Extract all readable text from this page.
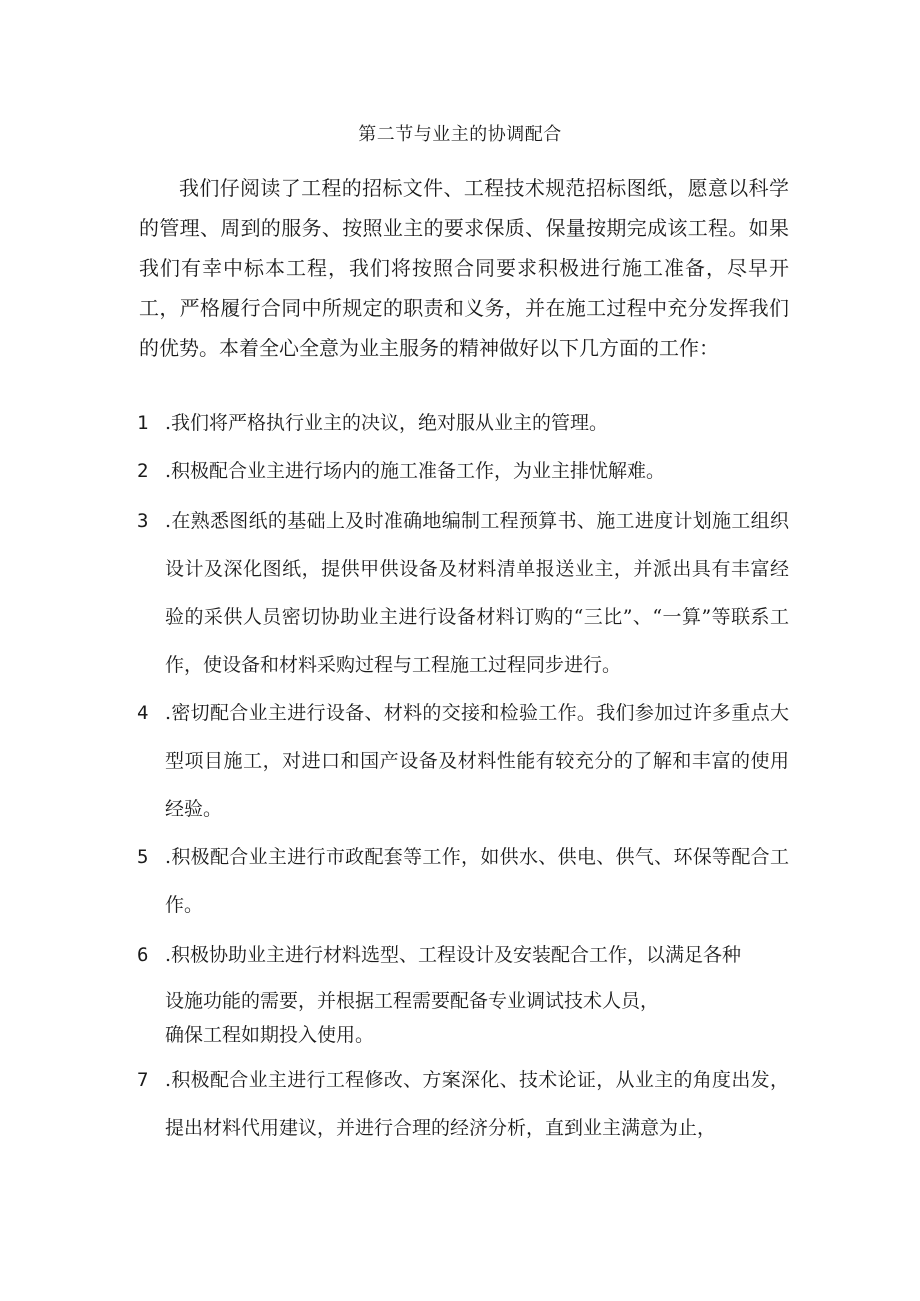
第二节与业主的协调配合

我们仔阅读了工程的招标文件、工程技术规范招标图纸，愿意以科学的管理、周到的服务、按照业主的要求保质、保量按期完成该工程。如果我们有幸中标本工程，我们将按照合同要求积极进行施工准备，尽早开工，严格履行合同中所规定的职责和义务，并在施工过程中充分发挥我们的优势。本着全心全意为业主服务的精神做好以下几方面的工作：

1 .我们将严格执行业主的决议，绝对服从业主的管理。
2 .积极配合业主进行场内的施工准备工作，为业主排忧解难。
3 .在熟悉图纸的基础上及时准确地编制工程预算书、施工进度计划施工组织设计及深化图纸，提供甲供设备及材料清单报送业主，并派出具有丰富经验的采供人员密切协助业主进行设备材料订购的“三比”、“一算”等联系工作，使设备和材料采购过程与工程施工过程同步进行。
4 .密切配合业主进行设备、材料的交接和检验工作。我们参加过许多重点大型项目施工，对进口和国产设备及材料性能有较充分的了解和丰富的使用经验。
5 .积极配合业主进行市政配套等工作，如供水、供电、供气、环保等配合工作。
6 .积极协助业主进行材料选型、工程设计及安装配合工作，以满足各种
设施功能的需要，并根据工程需要配备专业调试技术人员，
确保工程如期投入使用。
7 .积极配合业主进行工程修改、方案深化、技术论证，从业主的角度出发，提出材料代用建议，并进行合理的经济分析，直到业主满意为止，
